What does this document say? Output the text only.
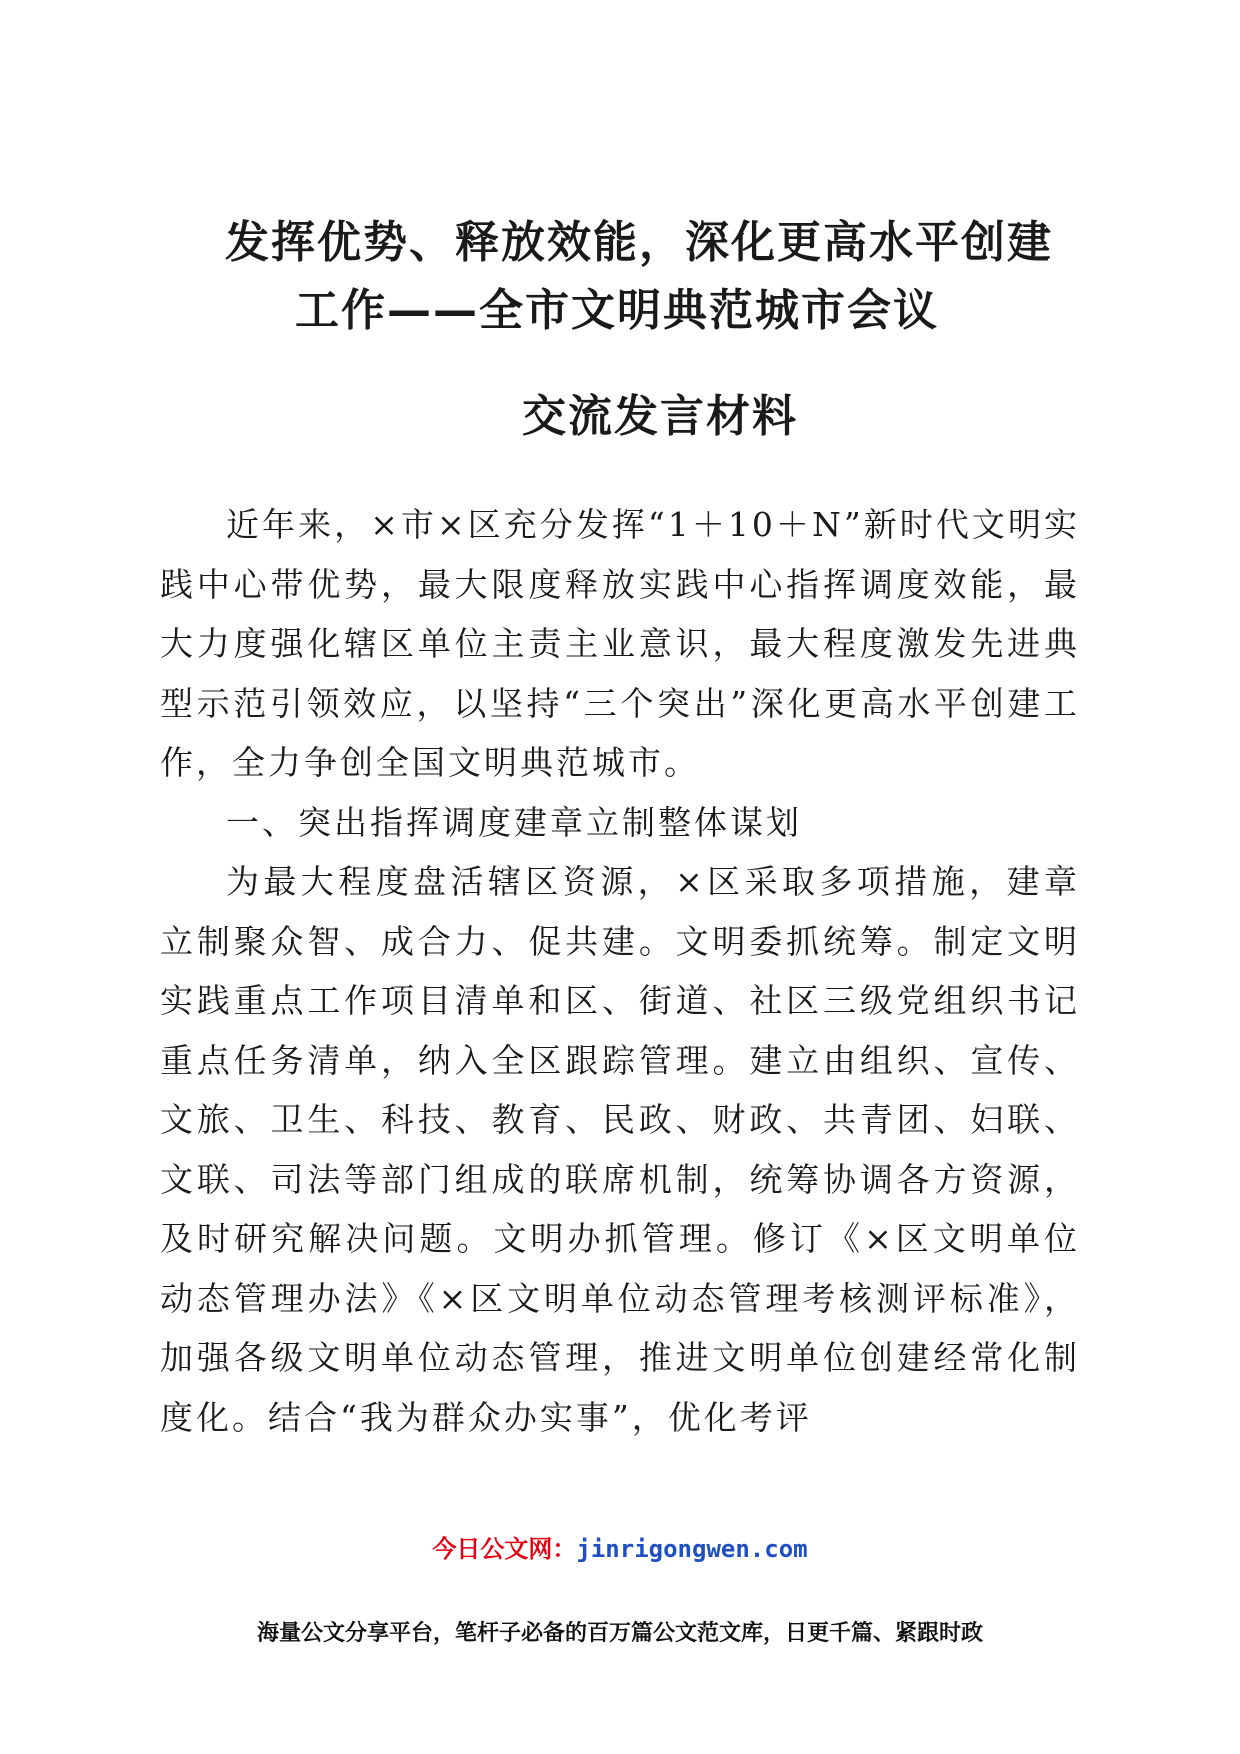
发挥优势、释放效能，深化更高水平创建
工作——全市文明典范城市会议
交流发言材料

近年来，×市×区充分发挥“1＋10＋N”新时代文明实践中心带优势，最大限度释放实践中心指挥调度效能，最大力度强化辖区单位主责主业意识，最大程度激发先进典型示范引领效应，以坚持“三个突出”深化更高水平创建工作，全力争创全国文明典范城市。

一、突出指挥调度建章立制整体谋划

为最大程度盘活辖区资源，×区采取多项措施，建章立制聚众智、成合力、促共建。文明委抓统筹。制定文明实践重点工作项目清单和区、街道、社区三级党组织书记重点任务清单，纳入全区跟踪管理。建立由组织、宣传、文旅、卫生、科技、教育、民政、财政、共青团、妇联、文联、司法等部门组成的联席机制，统筹协调各方资源，及时研究解决问题。文明办抓管理。修订《×区文明单位动态管理办法》《×区文明单位动态管理考核测评标准》，加强各级文明单位动态管理，推进文明单位创建经常化制度化。结合“我为群众办实事”，优化考评

今日公文网：jinrigongwen.com
海量公文分享平台，笔杆子必备的百万篇公文范文库，日更千篇、紧跟时政
